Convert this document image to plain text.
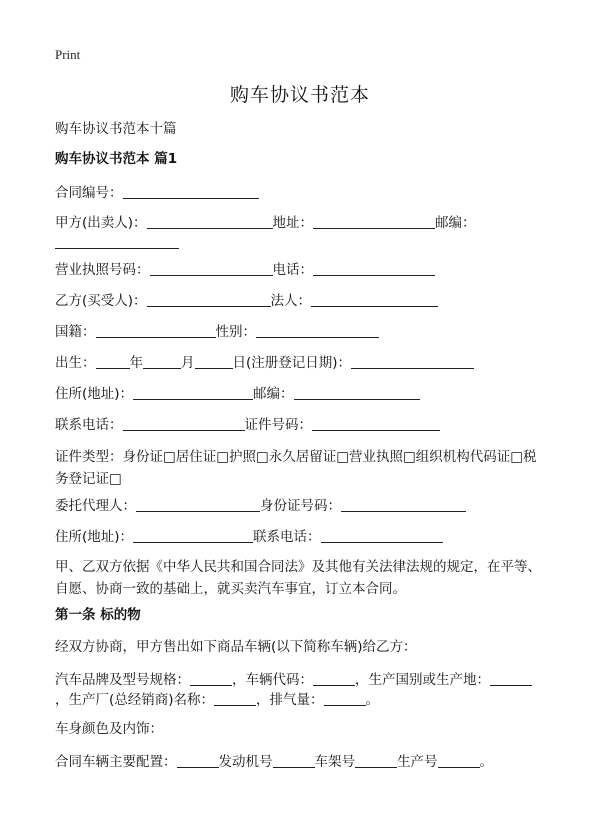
Print
购车协议书范本
购车协议书范本十篇
购车协议书范本 篇1
合同编号：
甲方(出卖人)：	地址：	邮编：
营业执照号码：	电话：
乙方(买受人)：	法人：
国籍：	性别：
出生：	年	月	日(注册登记日期)：
住所(地址)：	邮编：
联系电话：	证件号码：
证件类型：身份证□居住证□护照□永久居留证□营业执照□组织机构代码证□税务登记证□
委托代理人：	身份证号码：
住所(地址)：	联系电话：
甲、乙双方依据《中华人民共和国合同法》及其他有关法律法规的规定，在平等、自愿、协商一致的基础上，就买卖汽车事宜，订立本合同。
第一条 标的物
经双方协商，甲方售出如下商品车辆(以下简称车辆)给乙方：
汽车品牌及型号规格：	，车辆代码：	，生产国别或生产地：
，生产厂(总经销商)名称：	，排气量：	。
车身颜色及内饰：
合同车辆主要配置：	发动机号	车架号	生产号	。
